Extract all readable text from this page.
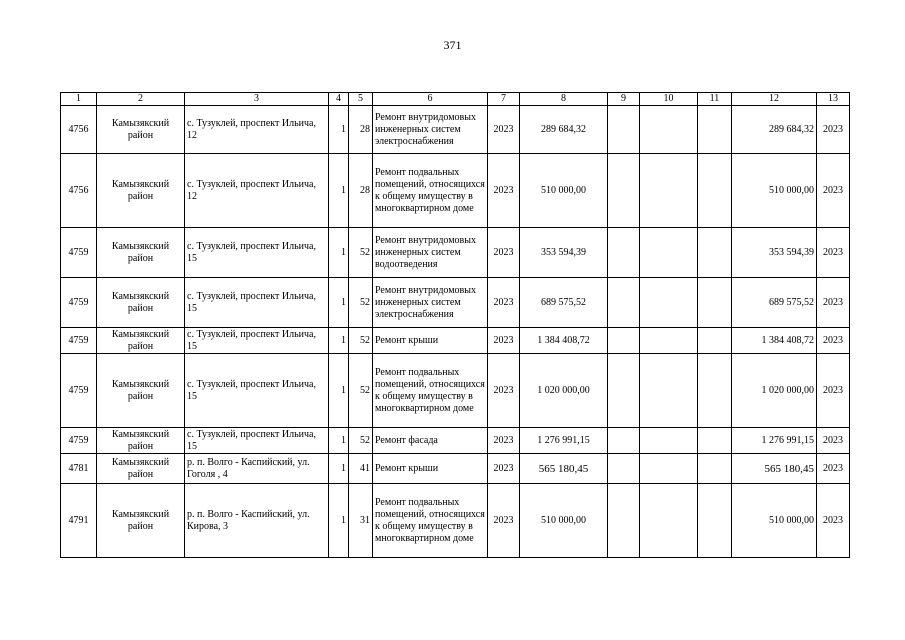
371
1	2	3	4	5	6	7	8	9	10	11	12	13
4756	Камызякский район	с. Тузуклей, проспект Ильича, 12	1	28	Ремонт внутридомовых инженерных систем электроснабжения	2023	289 684,32				289 684,32	2023
4756	Камызякский район	с. Тузуклей, проспект Ильича, 12	1	28	Ремонт подвальных помещений, относящихся к общему имуществу в многоквартирном доме	2023	510 000,00				510 000,00	2023
4759	Камызякский район	с. Тузуклей, проспект Ильича, 15	1	52	Ремонт внутридомовых инженерных систем водоотведения	2023	353 594,39				353 594,39	2023
4759	Камызякский район	с. Тузуклей, проспект Ильича, 15	1	52	Ремонт внутридомовых инженерных систем электроснабжения	2023	689 575,52				689 575,52	2023
4759	Камызякский район	с. Тузуклей, проспект Ильича, 15	1	52	Ремонт крыши	2023	1 384 408,72				1 384 408,72	2023
4759	Камызякский район	с. Тузуклей, проспект Ильича, 15	1	52	Ремонт подвальных помещений, относящихся к общему имуществу в многоквартирном доме	2023	1 020 000,00				1 020 000,00	2023
4759	Камызякский район	с. Тузуклей, проспект Ильича, 15	1	52	Ремонт фасада	2023	1 276 991,15				1 276 991,15	2023
4781	Камызякский район	р. п. Волго - Каспийский, ул. Гоголя , 4	1	41	Ремонт крыши	2023	565 180,45				565 180,45	2023
4791	Камызякский район	р. п. Волго - Каспийский, ул. Кирова, 3	1	31	Ремонт подвальных помещений, относящихся к общему имуществу в многоквартирном доме	2023	510 000,00				510 000,00	2023
